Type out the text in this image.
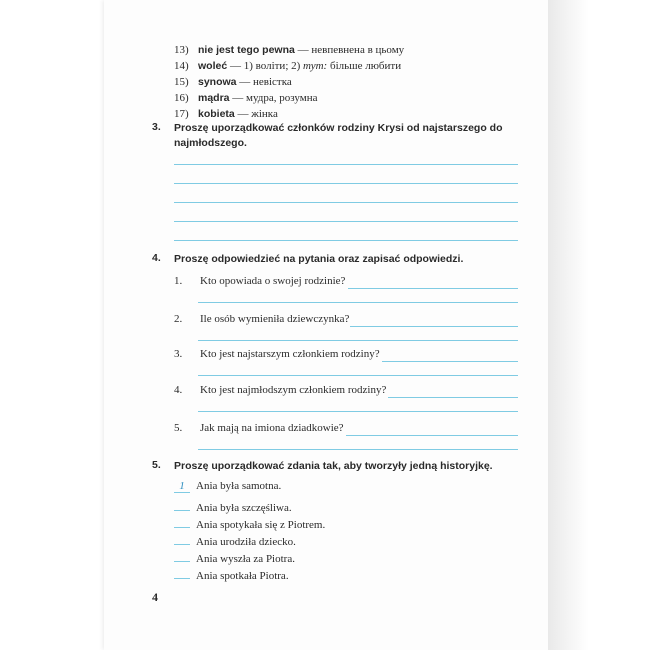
13) nie jest tego pewna — невпевнена в цьому
14) woleć — 1) воліти; 2) тут: більше любити
15) synowa — невістка
16) mądra — мудра, розумна
17) kobieta — жінка
3. Proszę uporządkować członków rodziny Krysi od najstarszego do najmłodszego.
4. Proszę odpowiedzieć na pytania oraz zapisać odpowiedzi.
1. Kto opowiada o swojej rodzinie?
2. Ile osób wymieniła dziewczynka?
3. Kto jest najstarszym członkiem rodziny?
4. Kto jest najmłodszym członkiem rodziny?
5. Jak mają na imiona dziadkowie?
5. Proszę uporządkować zdania tak, aby tworzyły jedną historyjkę.
1 Ania była samotna.
Ania była szczęśliwa.
Ania spotykała się z Piotrem.
Ania urodziła dziecko.
Ania wyszła za Piotra.
Ania spotkała Piotra.
4
